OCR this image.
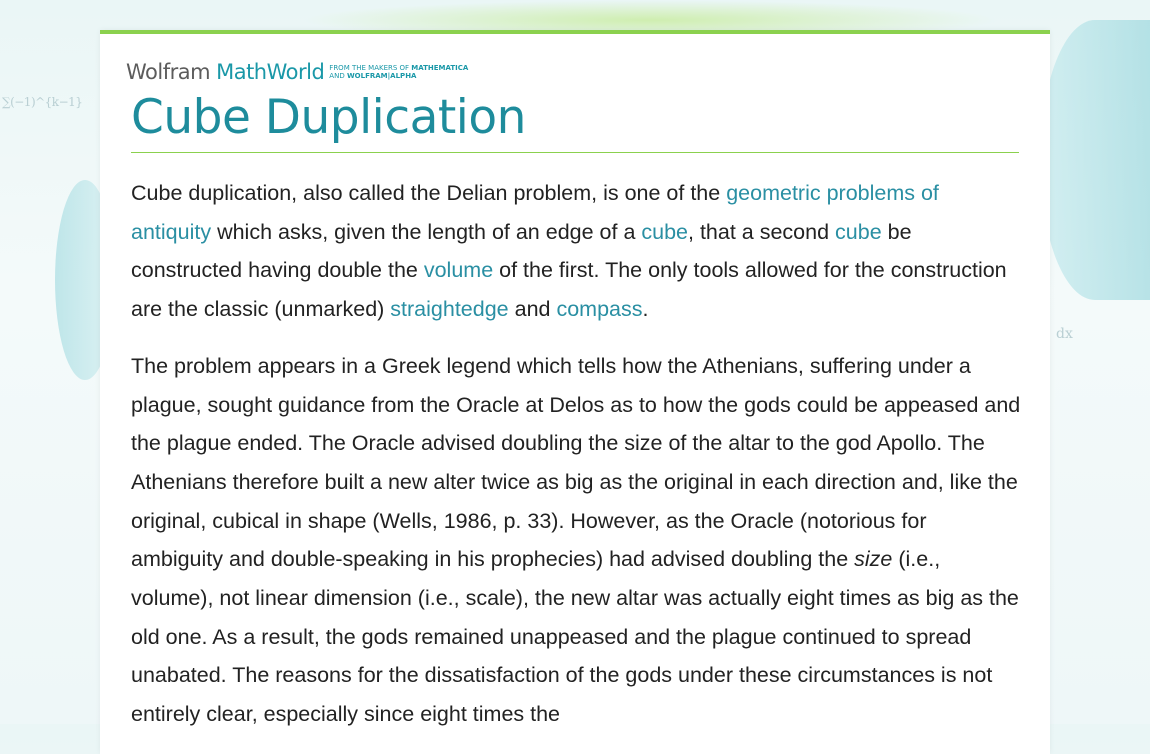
∑(−1)^{k−1}
dx
Wolfram MathWorld FROM THE MAKERS OF MATHEMATICA
AND WOLFRAM|ALPHA
Cube Duplication

Cube duplication, also called the Delian problem, is one of the geometric problems of antiquity which asks, given the length of an edge of a cube, that a second cube be constructed having double the volume of the first. The only tools allowed for the construction are the classic (unmarked) straightedge and compass.

The problem appears in a Greek legend which tells how the Athenians, suffering under a plague, sought guidance from the Oracle at Delos as to how the gods could be appeased and the plague ended. The Oracle advised doubling the size of the altar to the god Apollo. The Athenians therefore built a new alter twice as big as the original in each direction and, like the original, cubical in shape (Wells, 1986, p. 33). However, as the Oracle (notorious for ambiguity and double-speaking in his prophecies) had advised doubling the size (i.e., volume), not linear dimension (i.e., scale), the new altar was actually eight times as big as the old one. As a result, the gods remained unappeased and the plague continued to spread unabated. The reasons for the dissatisfaction of the gods under these circumstances is not entirely clear, especially since eight times the
